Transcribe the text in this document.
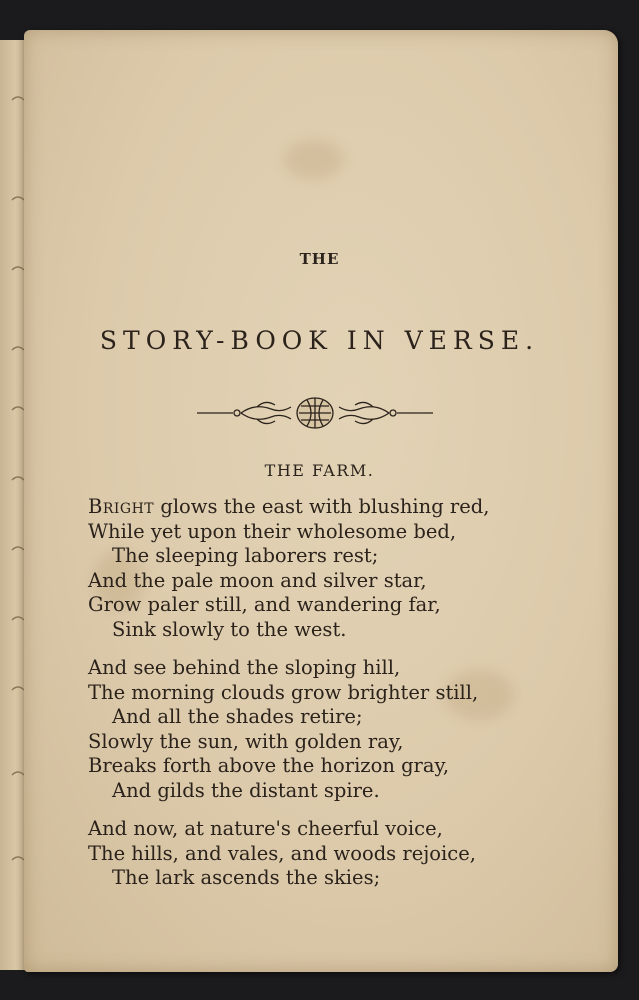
THE
STORY-BOOK IN VERSE.
THE FARM.
Bright glows the east with blushing red,
While yet upon their wholesome bed,
The sleeping laborers rest;
And the pale moon and silver star,
Grow paler still, and wandering far,
Sink slowly to the west.
And see behind the sloping hill,
The morning clouds grow brighter still,
And all the shades retire;
Slowly the sun, with golden ray,
Breaks forth above the horizon gray,
And gilds the distant spire.
And now, at nature's cheerful voice,
The hills, and vales, and woods rejoice,
The lark ascends the skies;
